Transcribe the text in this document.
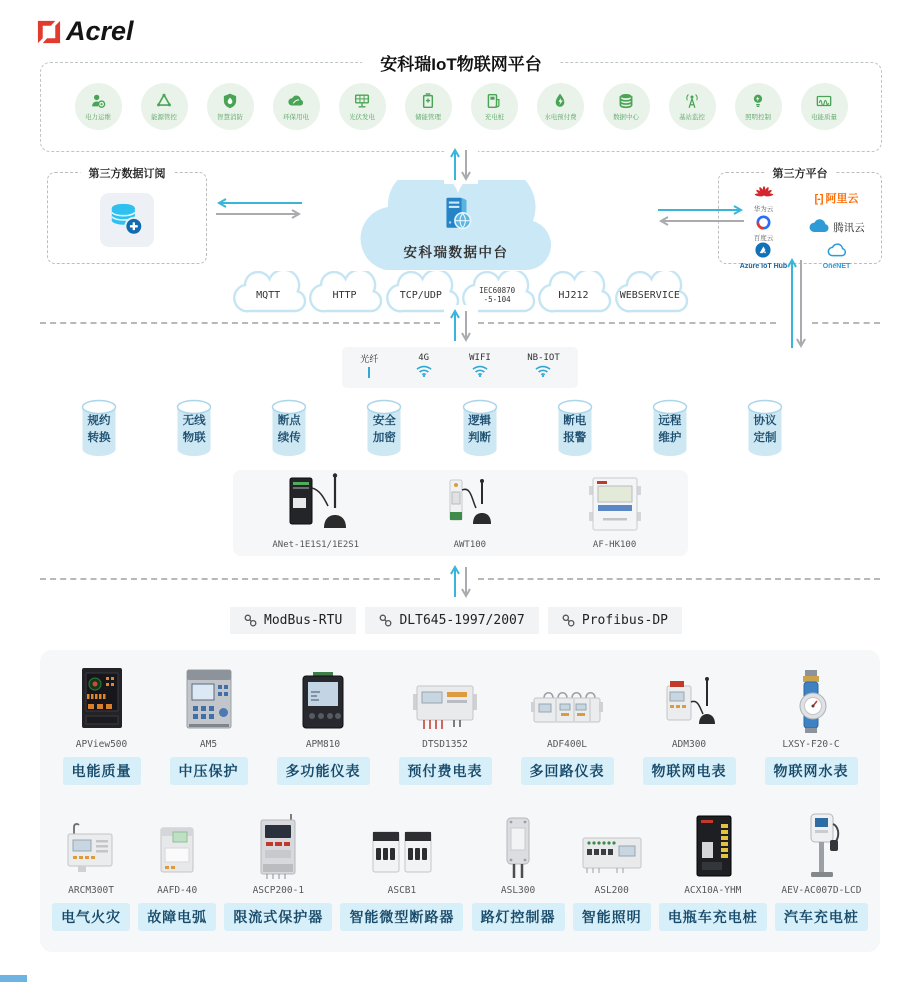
Acrel
安科瑞IoT物联网平台
电力运维	能源管控	智慧消防	环保用电	光伏发电	储能管理	充电桩	水电预付费	数据中心	基站监控	照明控制	电能质量
第三方数据订阅
安科瑞数据中台
第三方平台
华为云
[-] 阿里云
百度云
腾讯云
Azure IoT Hub	OneNET
MQTT	HTTP	TCP/UDP	IEC60870
-5-104	HJ212	WEBSERVICE
光纤	4G	WIFI	NB-IOT
规约
转换
无线
物联
断点
续传
安全
加密
逻辑
判断
断电
报警
远程
维护
协议
定制
ANet-1E1S1/1E2S1	AWT100	AF-HK100
ModBus-RTU	DLT645-1997/2007	Profibus-DP
APView500
电能质量
AM5
中压保护
APM810
多功能仪表
DTSD1352
预付费电表
ADF400L
多回路仪表
ADM300
物联网电表
LXSY-F20-C
物联网水表
ARCM300T
电气火灾
AAFD-40
故障电弧
ASCP200-1
限流式保护器
ASCB1
智能微型断路器
ASL300
路灯控制器
ASL200
智能照明
ACX10A-YHM
电瓶车充电桩
AEV-AC007D-LCD
汽车充电桩
